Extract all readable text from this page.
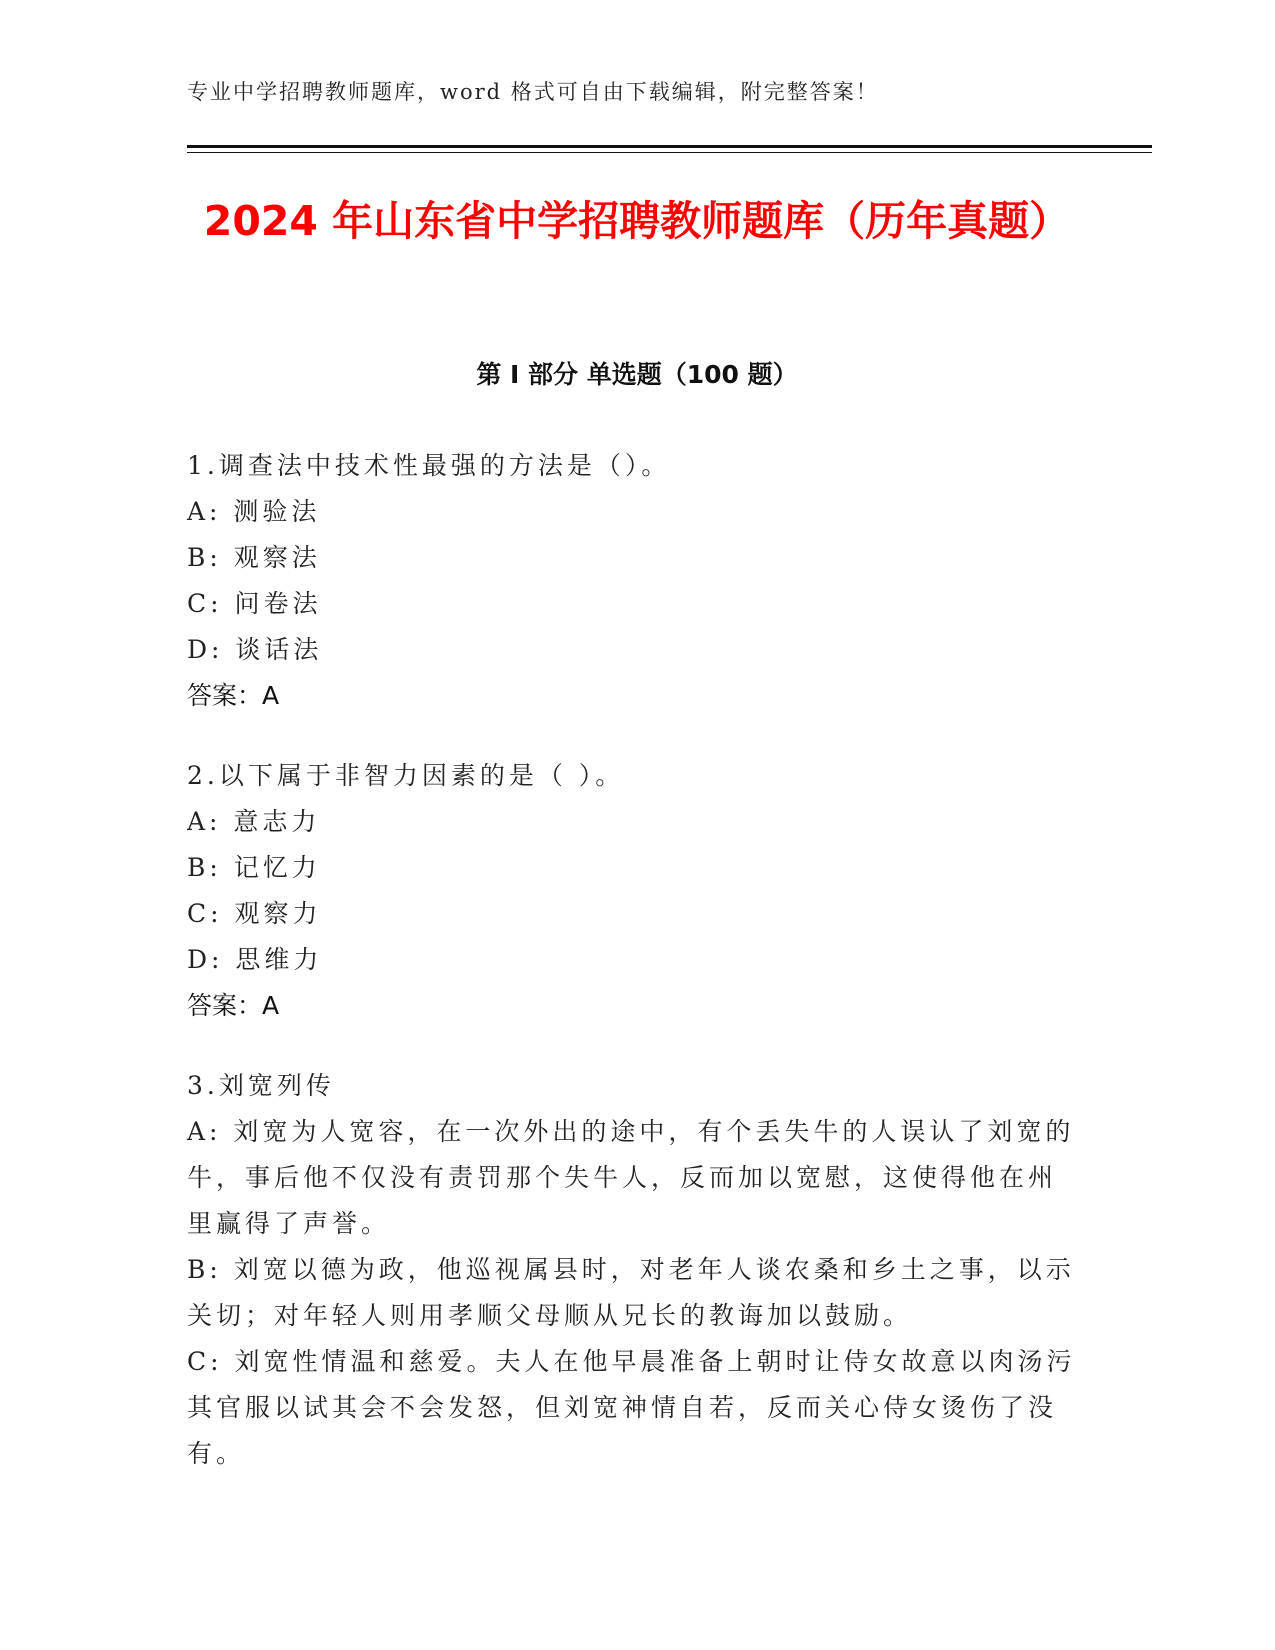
专业中学招聘教师题库，word 格式可自由下载编辑，附完整答案！
2024 年山东省中学招聘教师题库（历年真题）
第 I 部分 单选题（100 题）
1.调查法中技术性最强的方法是（）。
A: 测验法
B: 观察法
C: 问卷法
D: 谈话法
答案：A
2.以下属于非智力因素的是（ ）。
A: 意志力
B: 记忆力
C: 观察力
D: 思维力
答案：A
3.刘宽列传
A: 刘宽为人宽容，在一次外出的途中，有个丢失牛的人误认了刘宽的牛，事后他不仅没有责罚那个失牛人，反而加以宽慰，这使得他在州里赢得了声誉。
B: 刘宽以德为政，他巡视属县时，对老年人谈农桑和乡土之事，以示关切；对年轻人则用孝顺父母顺从兄长的教诲加以鼓励。
C: 刘宽性情温和慈爱。夫人在他早晨准备上朝时让侍女故意以肉汤污其官服以试其会不会发怒，但刘宽神情自若，反而关心侍女烫伤了没有。
